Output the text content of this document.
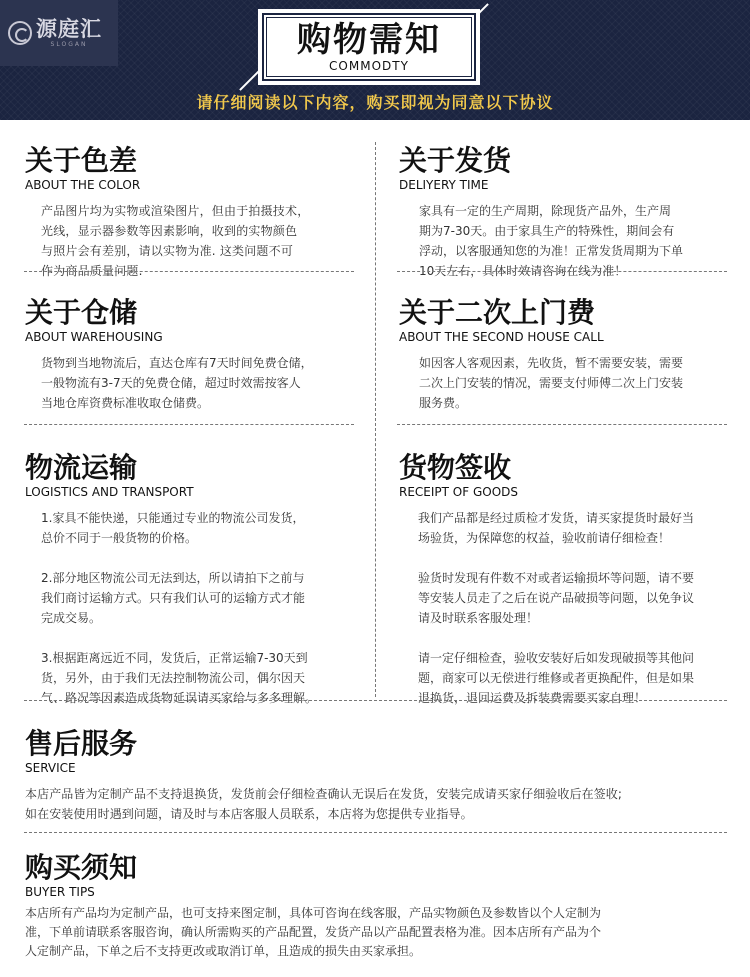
源庭汇
SLOGAN	购物需知
COMMODTY
请仔细阅读以下内容，购买即视为同意以下协议
关于色差
ABOUT THE COLOR

产品图片均为实物或渲染图片，但由于拍摄技术，

光线，显示器参数等因素影响，收到的实物颜色

与照片会有差别，请以实物为准. 这类问题不可

作为商品质量问题.

关于发货
DELIYERY TIME

家具有一定的生产周期，除现货产品外，生产周

期为7-30天。由于家具生产的特殊性，期间会有

浮动，以客服通知您的为准！正常发货周期为下单

10天左右，具体时效请咨询在线为准！

关于仓储
ABOUT WAREHOUSING

货物到当地物流后，直达仓库有7天时间免费仓储，

一般物流有3-7天的免费仓储，超过时效需按客人

当地仓库资费标准收取仓储费。

关于二次上门费
ABOUT THE SECOND HOUSE CALL

如因客人客观因素，先收货，暂不需要安装，需要

二次上门安装的情况，需要支付师傅二次上门安装

服务费。

物流运输
LOGISTICS AND TRANSPORT

1.家具不能快递，只能通过专业的物流公司发货，

总价不同于一般货物的价格。

2.部分地区物流公司无法到达，所以请拍下之前与

我们商讨运输方式。只有我们认可的运输方式才能

完成交易。

3.根据距离远近不同，发货后，正常运输7-30天到

货，另外，由于我们无法控制物流公司，偶尔因天

气、路况等因素造成货物延误请买家给与多多理解。

货物签收
RECEIPT OF GOODS

我们产品都是经过质检才发货，请买家提货时最好当

场验货，为保障您的权益，验收前请仔细检查！

验货时发现有件数不对或者运输损坏等问题，请不要

等安装人员走了之后在说产品破损等问题，以免争议

请及时联系客服处理！

请一定仔细检查，验收安装好后如发现破损等其他问

题，商家可以无偿进行维修或者更换配件，但是如果

退换货，退回运费及拆装费需要买家自理！

售后服务
SERVICE

本店产品皆为定制产品不支持退换货，发货前会仔细检查确认无误后在发货，安装完成请买家仔细验收后在签收;

如在安装使用时遇到问题，请及时与本店客服人员联系，本店将为您提供专业指导。

购买须知
BUYER TIPS

本店所有产品均为定制产品，也可支持来图定制，具体可咨询在线客服，产品实物颜色及参数皆以个人定制为

准，下单前请联系客服咨询，确认所需购买的产品配置，发货产品以产品配置表格为准。因本店所有产品为个

人定制产品，下单之后不支持更改或取消订单，且造成的损失由买家承担。
